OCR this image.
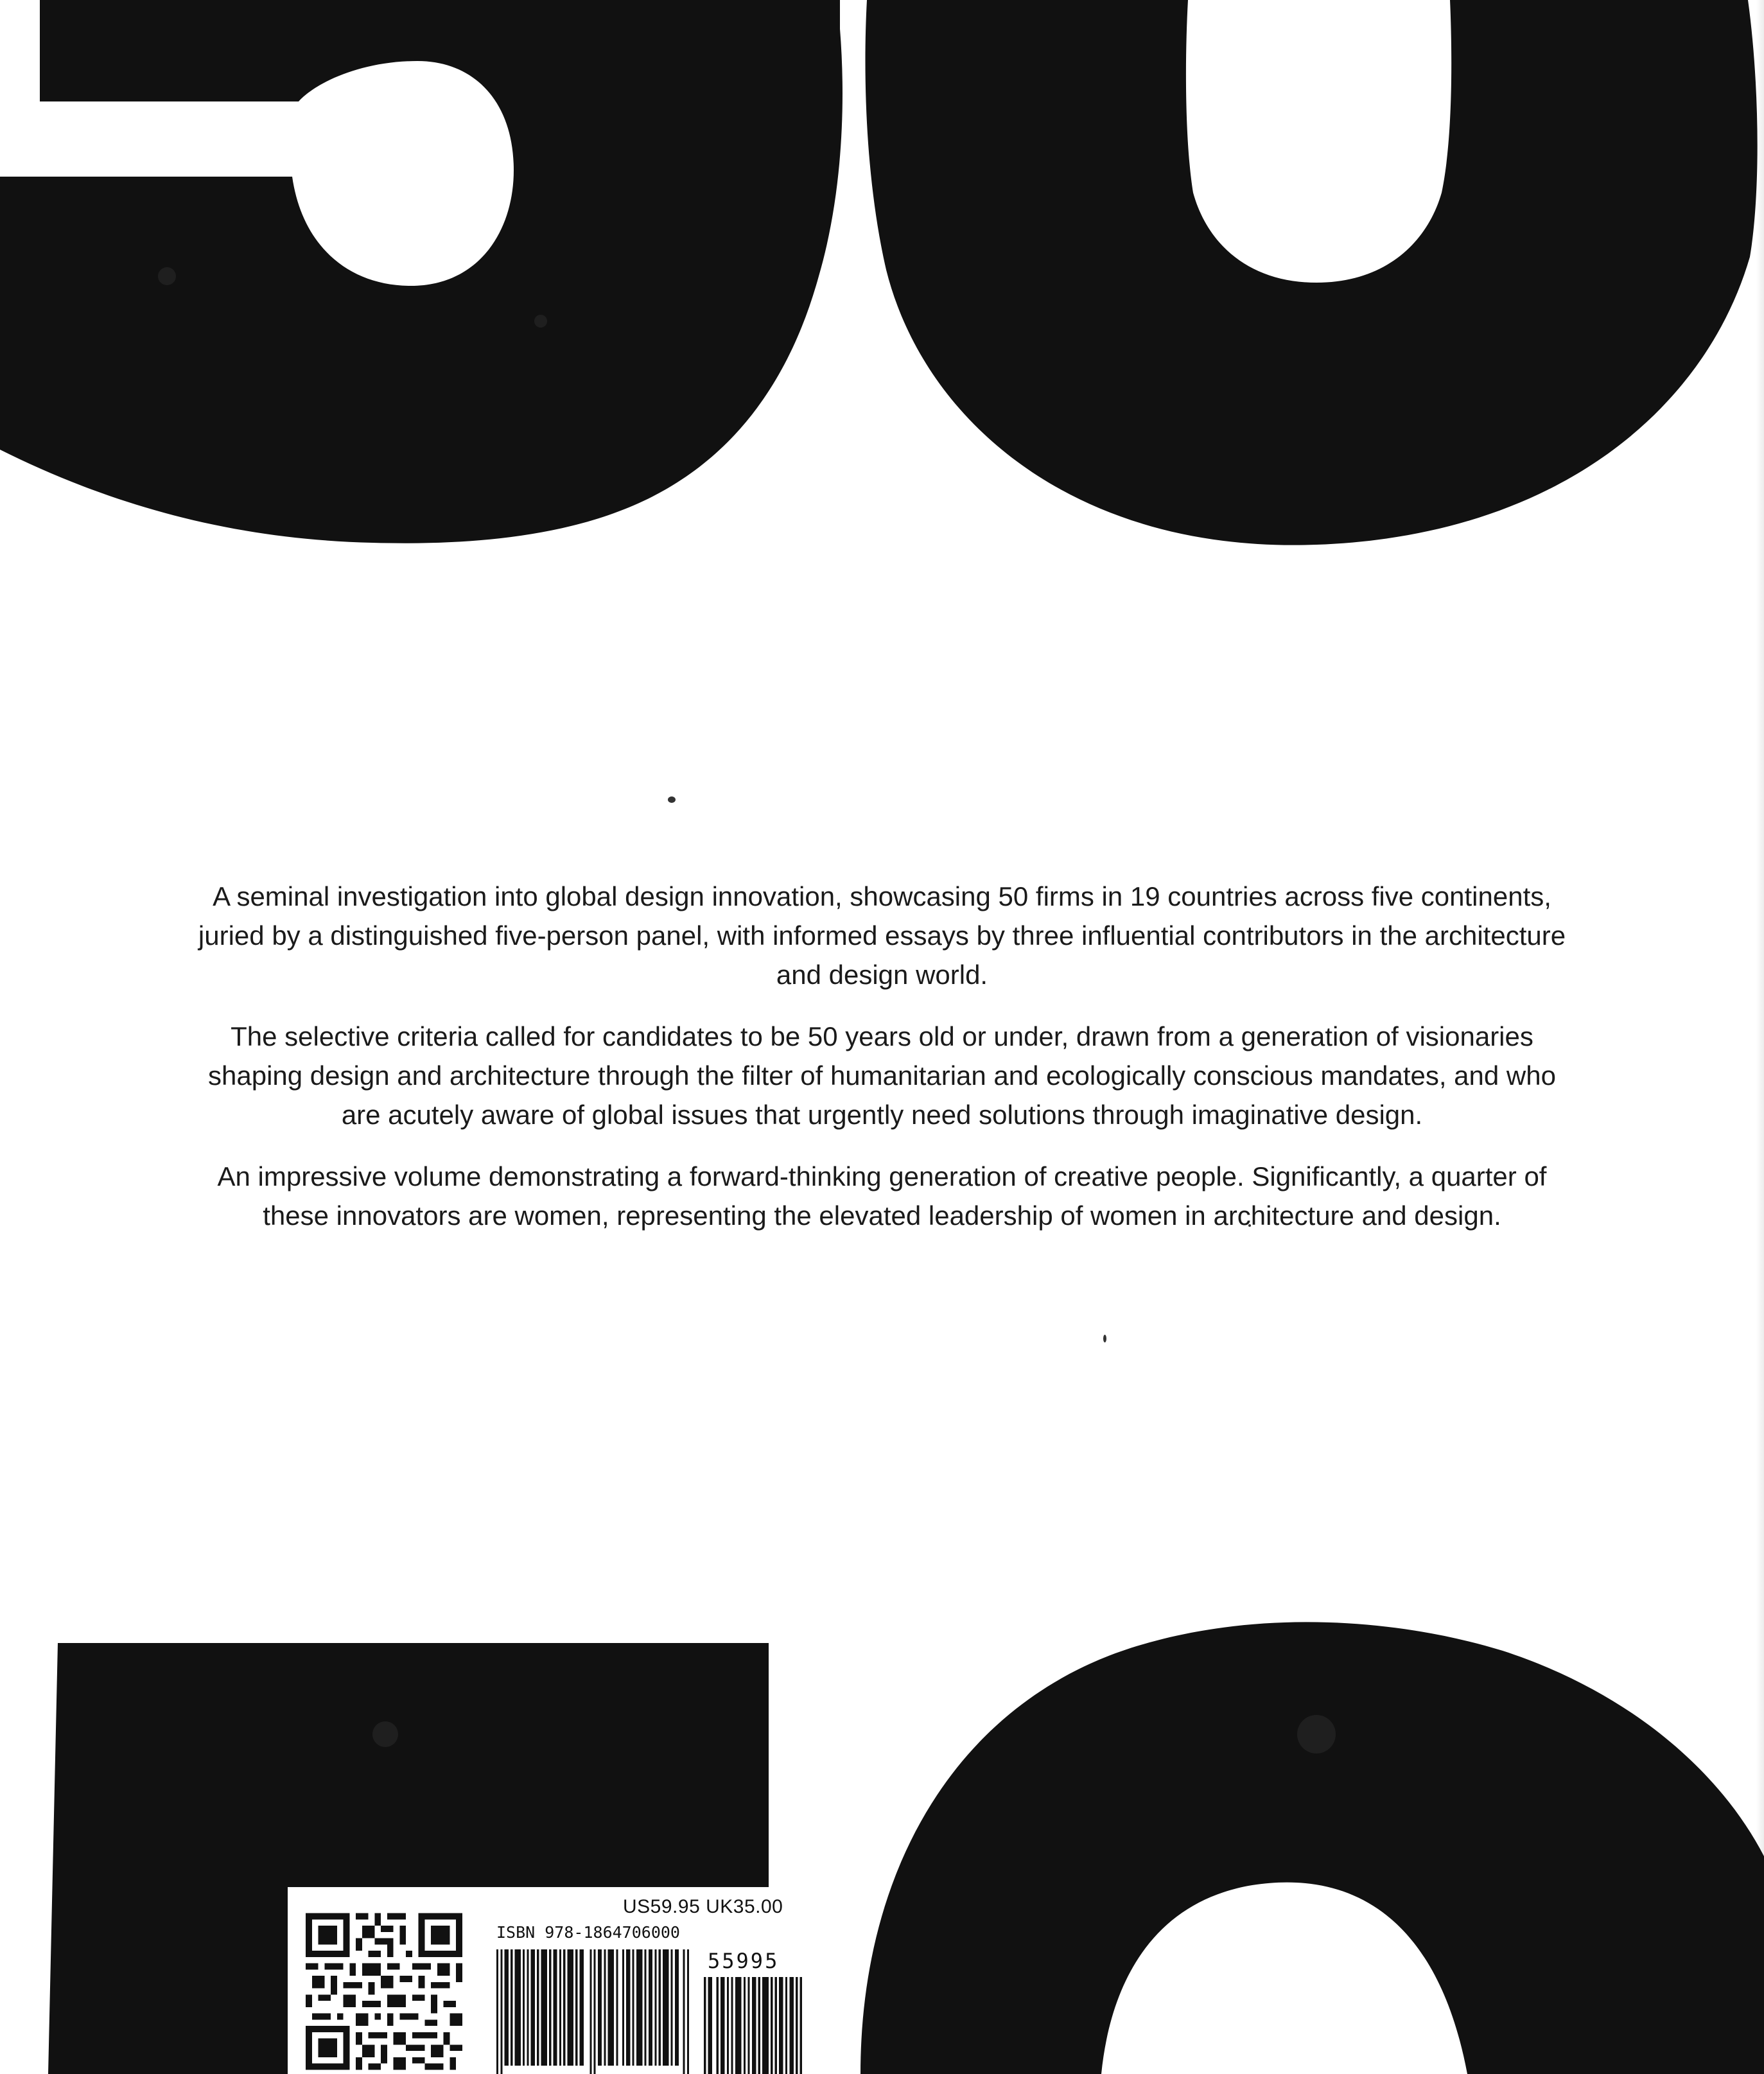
A seminal investigation into global design innovation, showcasing 50 firms in 19 countries across five continents, juried by a distinguished five-person panel, with informed essays by three influential contributors in the architecture and design world.

The selective criteria called for candidates to be 50 years old or under, drawn from a generation of visionaries shaping design and architecture through the filter of humanitarian and ecologically conscious mandates, and who are acutely aware of global issues that urgently need solutions through imaginative design.

An impressive volume demonstrating a forward-thinking generation of creative people. Significantly, a quarter of these innovators are women, representing the elevated leadership of women in architecture and design.

US59.95 UK35.00
ISBN 978-1864706000
55995
